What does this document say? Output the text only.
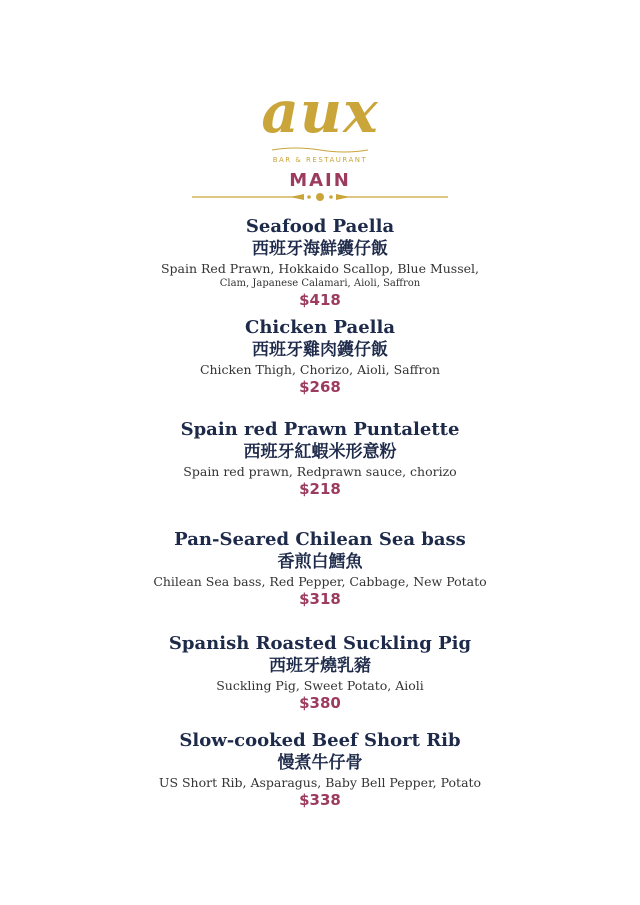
aux
BAR & RESTAURANT
MAIN
Seafood Paella
西班牙海鮮鑊仔飯
Spain Red Prawn, Hokkaido Scallop, Blue Mussel,
Clam, Japanese Calamari, Aioli, Saffron
$418
Chicken Paella
西班牙雞肉鑊仔飯
Chicken Thigh, Chorizo, Aioli, Saffron
$268
Spain red Prawn Puntalette
西班牙紅蝦米形意粉
Spain red prawn, Redprawn sauce, chorizo
$218
Pan-Seared Chilean Sea bass
香煎白鱈魚
Chilean Sea bass, Red Pepper, Cabbage, New Potato
$318
Spanish Roasted Suckling Pig
西班牙燒乳豬
Suckling Pig, Sweet Potato, Aioli
$380
Slow-cooked Beef Short Rib
慢煮牛仔骨
US Short Rib, Asparagus, Baby Bell Pepper, Potato
$338
